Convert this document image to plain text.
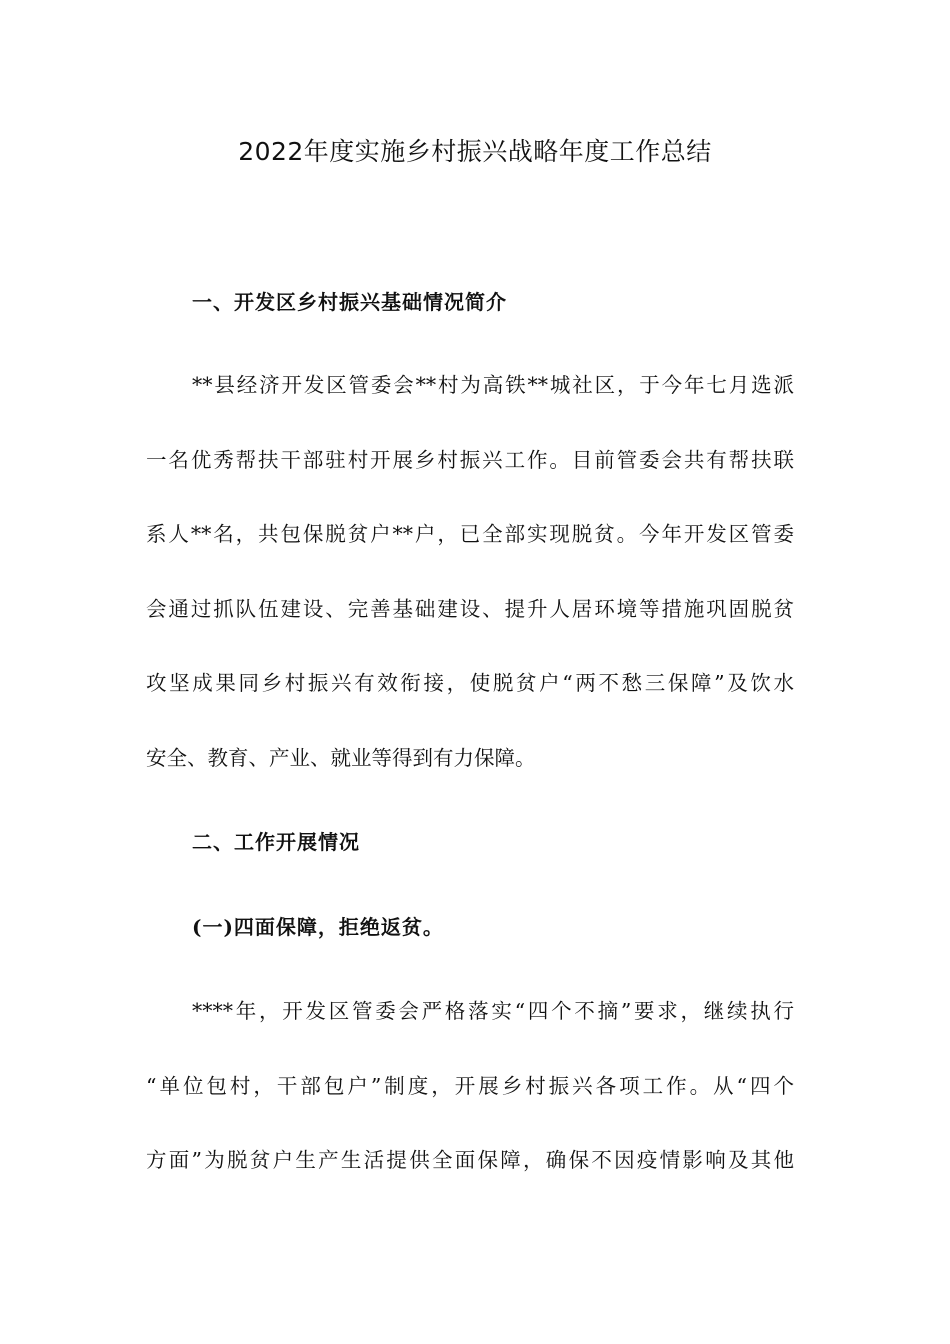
2022年度实施乡村振兴战略年度工作总结
一、开发区乡村振兴基础情况简介

**县经济开发区管委会**村为高铁**城社区，于今年七月选派

一名优秀帮扶干部驻村开展乡村振兴工作。目前管委会共有帮扶联

系人**名，共包保脱贫户**户，已全部实现脱贫。今年开发区管委

会通过抓队伍建设、完善基础建设、提升人居环境等措施巩固脱贫

攻坚成果同乡村振兴有效衔接，使脱贫户“两不愁三保障”及饮水

安全、教育、产业、就业等得到有力保障。

二、工作开展情况
(一)四面保障，拒绝返贫。

****年，开发区管委会严格落实“四个不摘”要求，继续执行

“单位包村，干部包户”制度，开展乡村振兴各项工作。从“四个

方面”为脱贫户生产生活提供全面保障，确保不因疫情影响及其他
